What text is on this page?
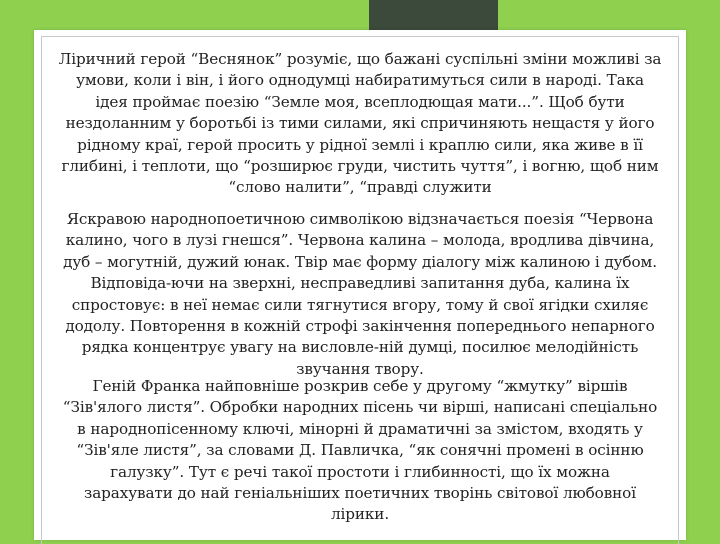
Ліричний герой “Веснянок” розуміє, що бажані суспільні зміни можливі за
умови, коли і він, і його однодумці набиратимуться сили в народі. Така
ідея проймає поезію “Земле моя, всеплодющая мати...”. Щоб бути
нездоланним у боротьбі із тими силами, які спричиняють нещастя у його
рідному краї, герой просить у рідної землі і краплю сили, яка живе в її
глибині, і теплоти, що “розширює груди, чистить чуття”, і вогню, щоб ним
“слово налити”, “правді служити
Яскравою народнопоетичною символікою відзначається поезія “Червона
калино, чого в лузі гнешся”. Червона калина – молода, вродлива дівчина,
дуб – могутній, дужий юнак. Твір має форму діалогу між калиною і дубом.
Відповіда-ючи на зверхні, несправедливі запитання дуба, калина їх
спростовує: в неї немає сили тягнутися вгору, тому й свої ягідки схиляє
додолу. Повторення в кожній строфі закінчення попереднього непарного
рядка концентрує увагу на висловле-ній думці, посилює мелодійність
звучання твору.
Геній Франка найповніше розкрив себе у другому “жмутку” віршів
“Зів'ялого листя”. Обробки народних пісень чи вірші, написані спеціально
в народнопісенному ключі, мінорні й драматичні за змістом, входять у
“Зів'яле листя”, за словами Д. Павличка, “як сонячні промені в осінню
галузку”. Тут є речі такої простоти і глибинності, що їх можна
зарахувати до най геніальніших поетичних творінь світової любовної
лірики.
